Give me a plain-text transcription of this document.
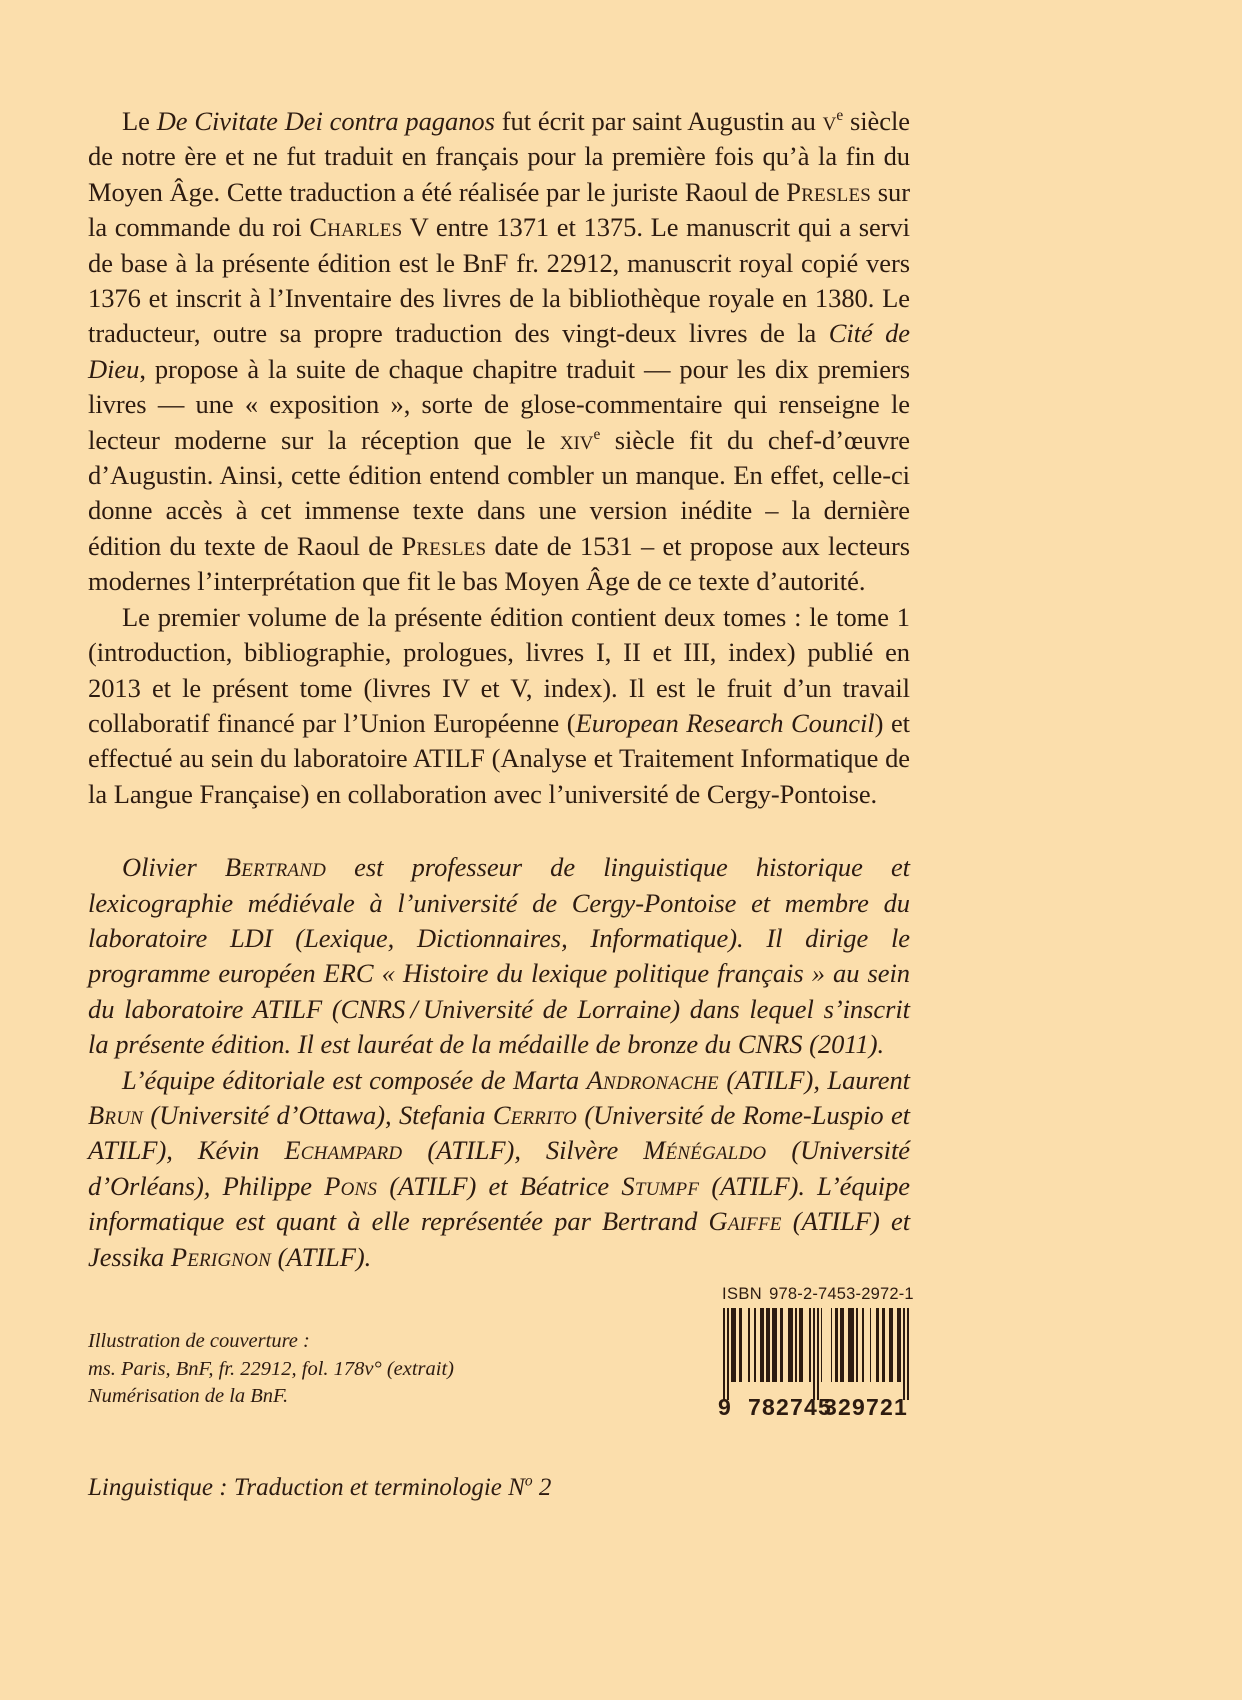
Le De Civitate Dei contra paganos fut écrit par saint Augustin au $v^e$ siècle de notre ère et ne fut traduit en français pour la première fois qu’à la fin du Moyen Âge. Cette traduction a été réalisée par le juriste Raoul de Presles sur la commande du roi Charles V entre 1371 et 1375. Le manuscrit qui a servi de base à la présente édition est le BnF fr. 22912, manuscrit royal copié vers 1376 et inscrit à l’Inventaire des livres de la bibliothèque royale en 1380. Le traducteur, outre sa propre traduction des vingt-deux livres de la Cité de Dieu, propose à la suite de chaque chapitre traduit — pour les dix premiers livres — une « exposition », sorte de glose-commentaire qui renseigne le lecteur moderne sur la réception que le xiv$^e$ siècle fit du chef-d’œuvre d’Augustin. Ainsi, cette édition entend combler un manque. En effet, celle-ci donne accès à cet immense texte dans une version inédite – la dernière édition du texte de Raoul de Presles date de 1531 – et propose aux lecteurs modernes l’interprétation que fit le bas Moyen Âge de ce texte d’autorité.

Le premier volume de la présente édition contient deux tomes : le tome 1 (introduction, bibliographie, prologues, livres I, II et III, index) publié en 2013 et le présent tome (livres IV et V, index). Il est le fruit d’un travail collaboratif financé par l’Union Européenne (European Research Council) et effectué au sein du laboratoire ATILF (Analyse et Traitement Informatique de la Langue Française) en collaboration avec l’université de Cergy-Pontoise.

Olivier Bertrand est professeur de linguistique historique et lexicographie médiévale à l’université de Cergy-Pontoise et membre du laboratoire LDI (Lexique, Dictionnaires, Informatique). Il dirige le programme européen ERC « Histoire du lexique politique français » au sein du laboratoire ATILF (CNRS / Université de Lorraine) dans lequel s’inscrit la présente édition. Il est lauréat de la médaille de bronze du CNRS (2011).

L’équipe éditoriale est composée de Marta Andronache (ATILF), Laurent Brun (Université d’Ottawa), Stefania Cerrito (Université de Rome-Luspio et ATILF), Kévin Echampard (ATILF), Silvère Ménégaldo (Université d’Orléans), Philippe Pons (ATILF) et Béatrice Stumpf (ATILF). L’équipe informatique est quant à elle représentée par Bertrand Gaiffe (ATILF) et Jessika Perignon (ATILF).

Illustration de couverture :
ms. Paris, BnF, fr. 22912, fol. 178v° (extrait)
Numérisation de la BnF.
Linguistique : Traduction et terminologie $N^o$ 2
ISBN 978-2-7453-2972-1
9 782745
329721
